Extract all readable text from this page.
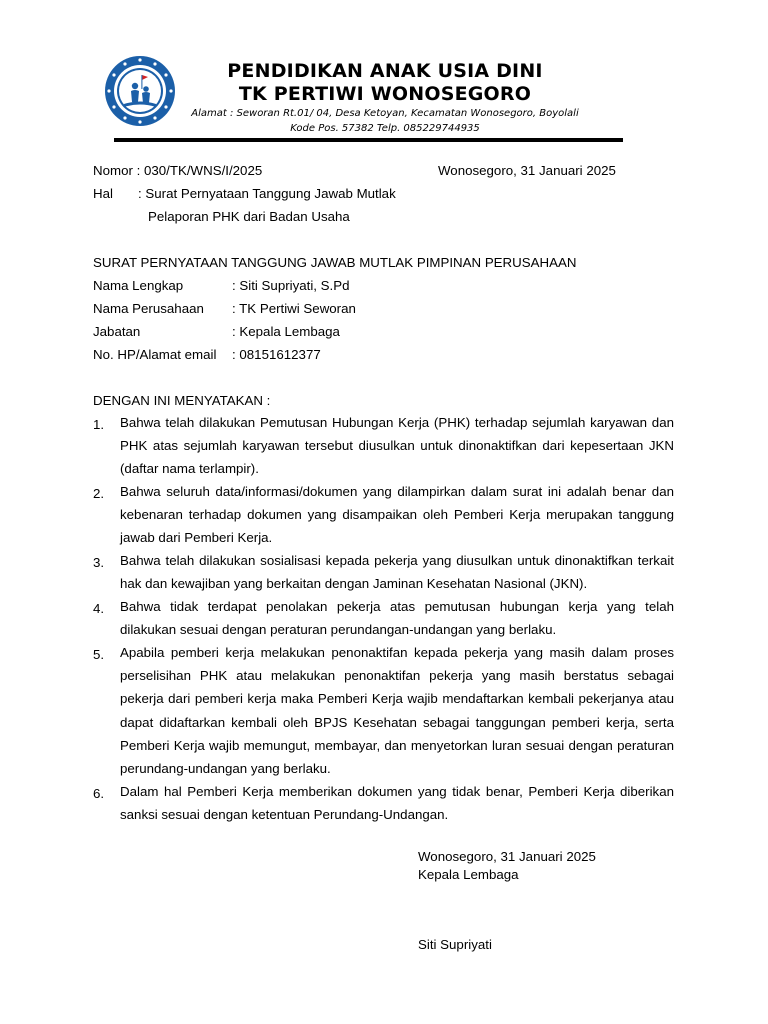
PENDIDIKAN ANAK USIA DINI
TK PERTIWI WONOSEGORO
Alamat : Seworan Rt.01/ 04, Desa Ketoyan, Kecamatan Wonosegoro, Boyolali
Kode Pos. 57382 Telp. 085229744935
Nomor : 030/TK/WNS/I/2025	Wonosegoro, 31 Januari 2025
Hal : Surat Pernyataan Tanggung Jawab Mutlak
Pelaporan PHK dari Badan Usaha
SURAT PERNYATAAN TANGGUNG JAWAB MUTLAK PIMPINAN PERUSAHAAN
Nama Lengkap	: Siti Supriyati, S.Pd
Nama Perusahaan : TK Pertiwi Seworan
Jabatan	: Kepala Lembaga
No. HP/Alamat email : 08151612377
DENGAN INI MENYATAKAN :
1. Bahwa telah dilakukan Pemutusan Hubungan Kerja (PHK) terhadap sejumlah karyawan dan PHK atas sejumlah karyawan tersebut diusulkan untuk dinonaktifkan dari kepesertaan JKN (daftar nama terlampir).

2. Bahwa seluruh data/informasi/dokumen yang dilampirkan dalam surat ini adalah benar dan kebenaran terhadap dokumen yang disampaikan oleh Pemberi Kerja merupakan tanggung jawab dari Pemberi Kerja.

3. Bahwa telah dilakukan sosialisasi kepada pekerja yang diusulkan untuk dinonaktifkan terkait hak dan kewajiban yang berkaitan dengan Jaminan Kesehatan Nasional (JKN).

4. Bahwa tidak terdapat penolakan pekerja atas pemutusan hubungan kerja yang telah dilakukan sesuai dengan peraturan perundangan-undangan yang berlaku.

5. Apabila pemberi kerja melakukan penonaktifan kepada pekerja yang masih dalam proses perselisihan PHK atau melakukan penonaktifan pekerja yang masih berstatus sebagai pekerja dari pemberi kerja maka Pemberi Kerja wajib mendaftarkan kembali pekerjanya atau dapat didaftarkan kembali oleh BPJS Kesehatan sebagai tanggungan pemberi kerja, serta Pemberi Kerja wajib memungut, membayar, dan menyetorkan luran sesuai dengan peraturan perundang-undangan yang berlaku.

6. Dalam hal Pemberi Kerja memberikan dokumen yang tidak benar, Pemberi Kerja diberikan sanksi sesuai dengan ketentuan Perundang-Undangan.

Wonosegoro, 31 Januari 2025
Kepala Lembaga
Siti Supriyati
